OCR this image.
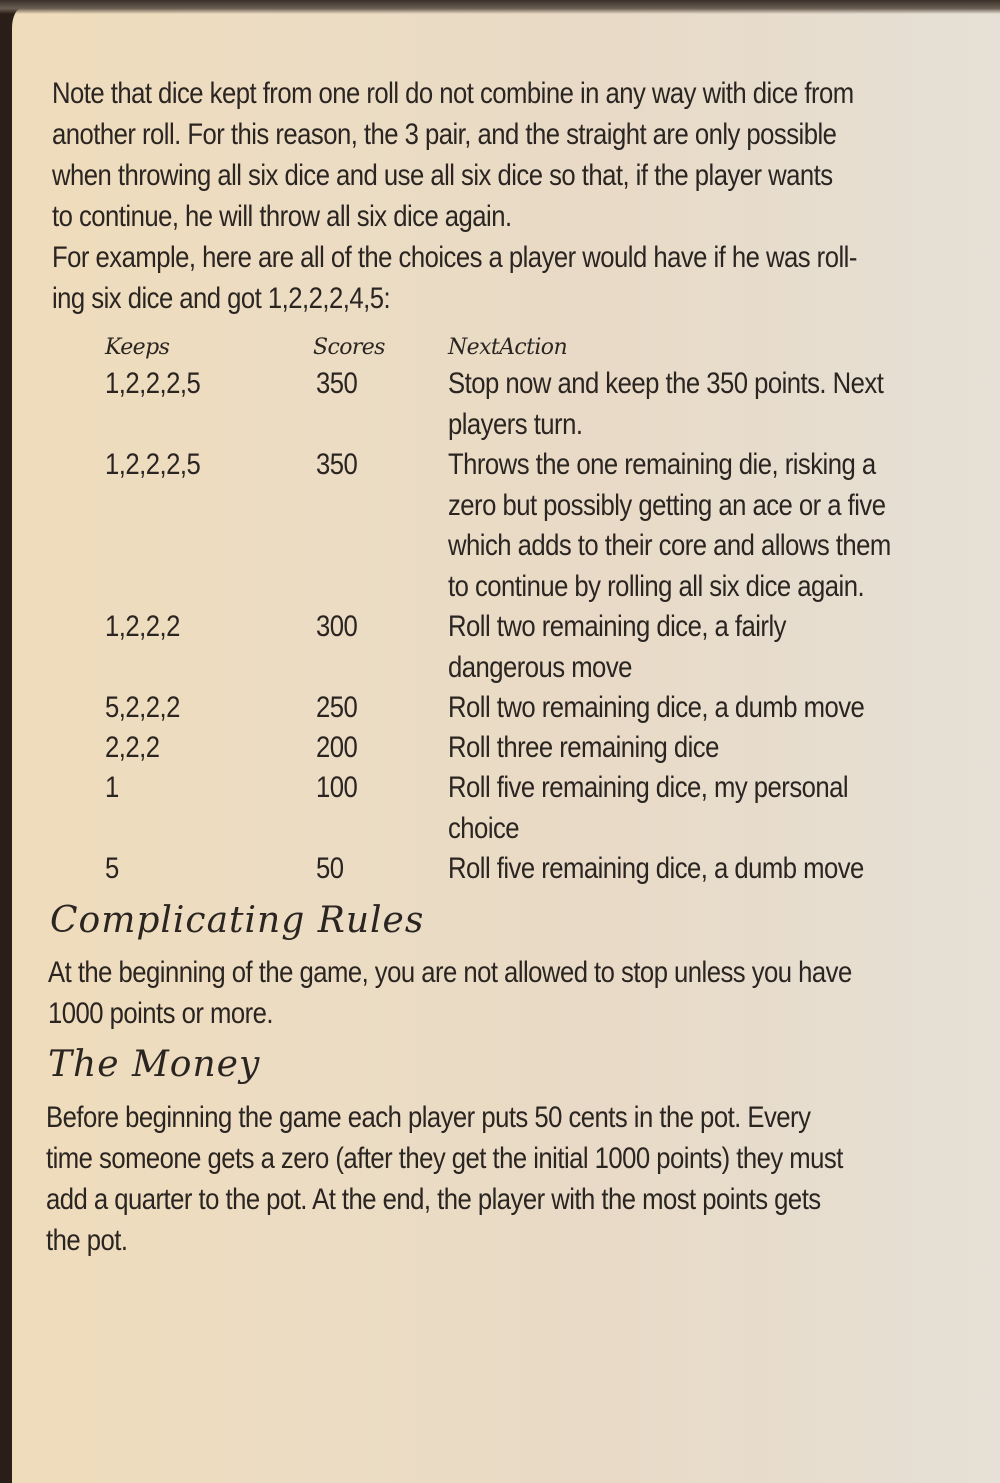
Note that dice kept from one roll do not combine in any way with dice from
another roll. For this reason, the 3 pair, and the straight are only possible
when throwing all six dice and use all six dice so that, if the player wants
to continue, he will throw all six dice again.
For example, here are all of the choices a player would have if he was roll-
ing six dice and got 1,2,2,2,4,5:
Keeps	Scores	NextAction
1,2,2,2,5	350	Stop now and keep the 350 points. Next
players turn.
1,2,2,2,5	350	Throws the one remaining die, risking a
zero but possibly getting an ace or a five
which adds to their core and allows them
to continue by rolling all six dice again.
1,2,2,2	300	Roll two remaining dice, a fairly
dangerous move
5,2,2,2	250	Roll two remaining dice, a dumb move
2,2,2	200	Roll three remaining dice
1	100	Roll five remaining dice, my personal
choice
5	50	Roll five remaining dice, a dumb move
Complicating Rules
At the beginning of the game, you are not allowed to stop unless you have
1000 points or more.
The Money
Before beginning the game each player puts 50 cents in the pot. Every
time someone gets a zero (after they get the initial 1000 points) they must
add a quarter to the pot. At the end, the player with the most points gets
the pot.
